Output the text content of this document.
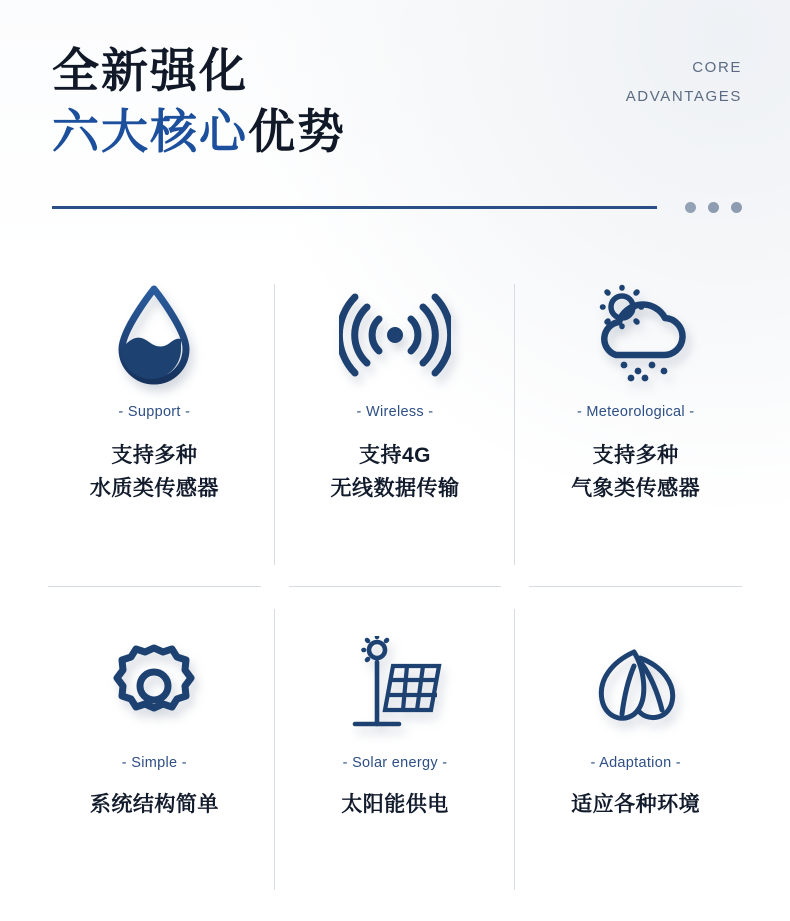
全新强化
六大核心优势
CORE
ADVANTAGES
- Support -
支持多种
水质类传感器
- Wireless -
支持4G
无线数据传输
- Meteorological -
支持多种
气象类传感器
- Simple -
系统结构简单
- Solar energy -
太阳能供电
- Adaptation -
适应各种环境
